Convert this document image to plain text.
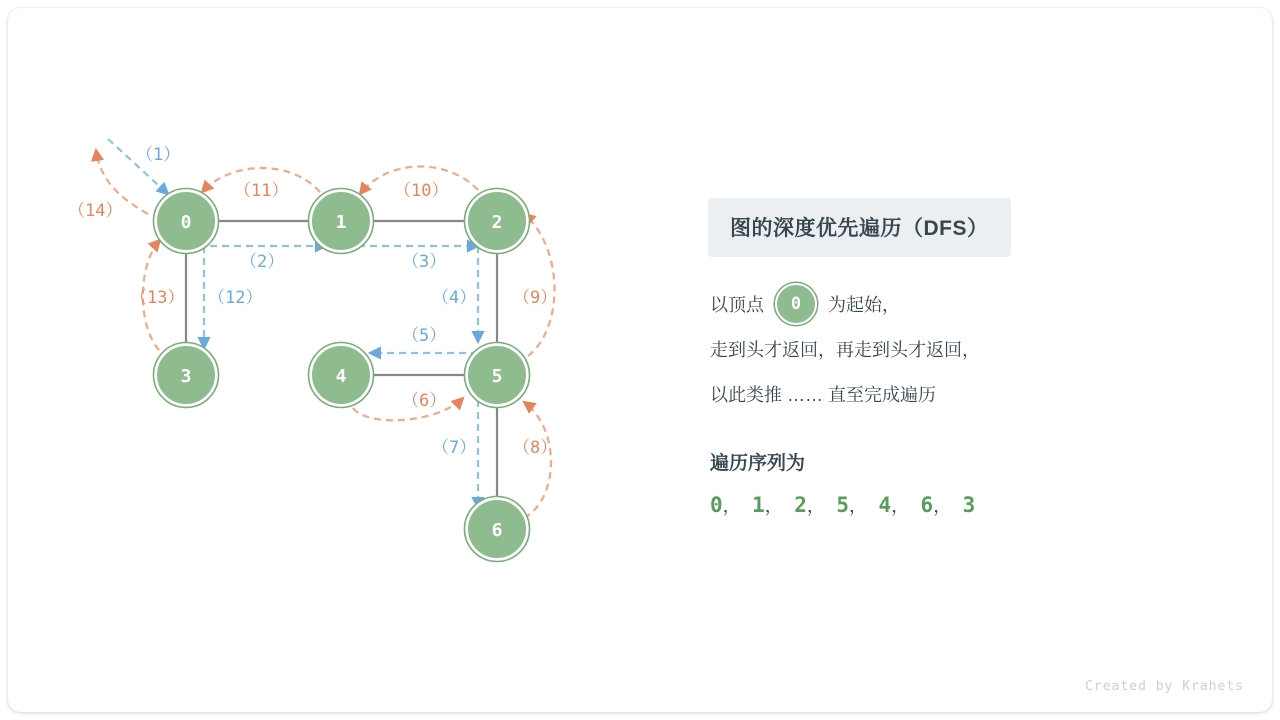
（1）
（2）	（3）
（4）
（5）
（6）
（7） （8）
（9）
（10）
（11）
（12）
（13）
（14）
0	1	2
3	4	5
6
图的深度优先遍历（DFS）
以顶点 0 为起始，
走到头才返回，再走到头才返回，
以此类推 …… 直至完成遍历
遍历序列为
0， 1， 2， 5， 4， 6， 3
Created by Krahets
